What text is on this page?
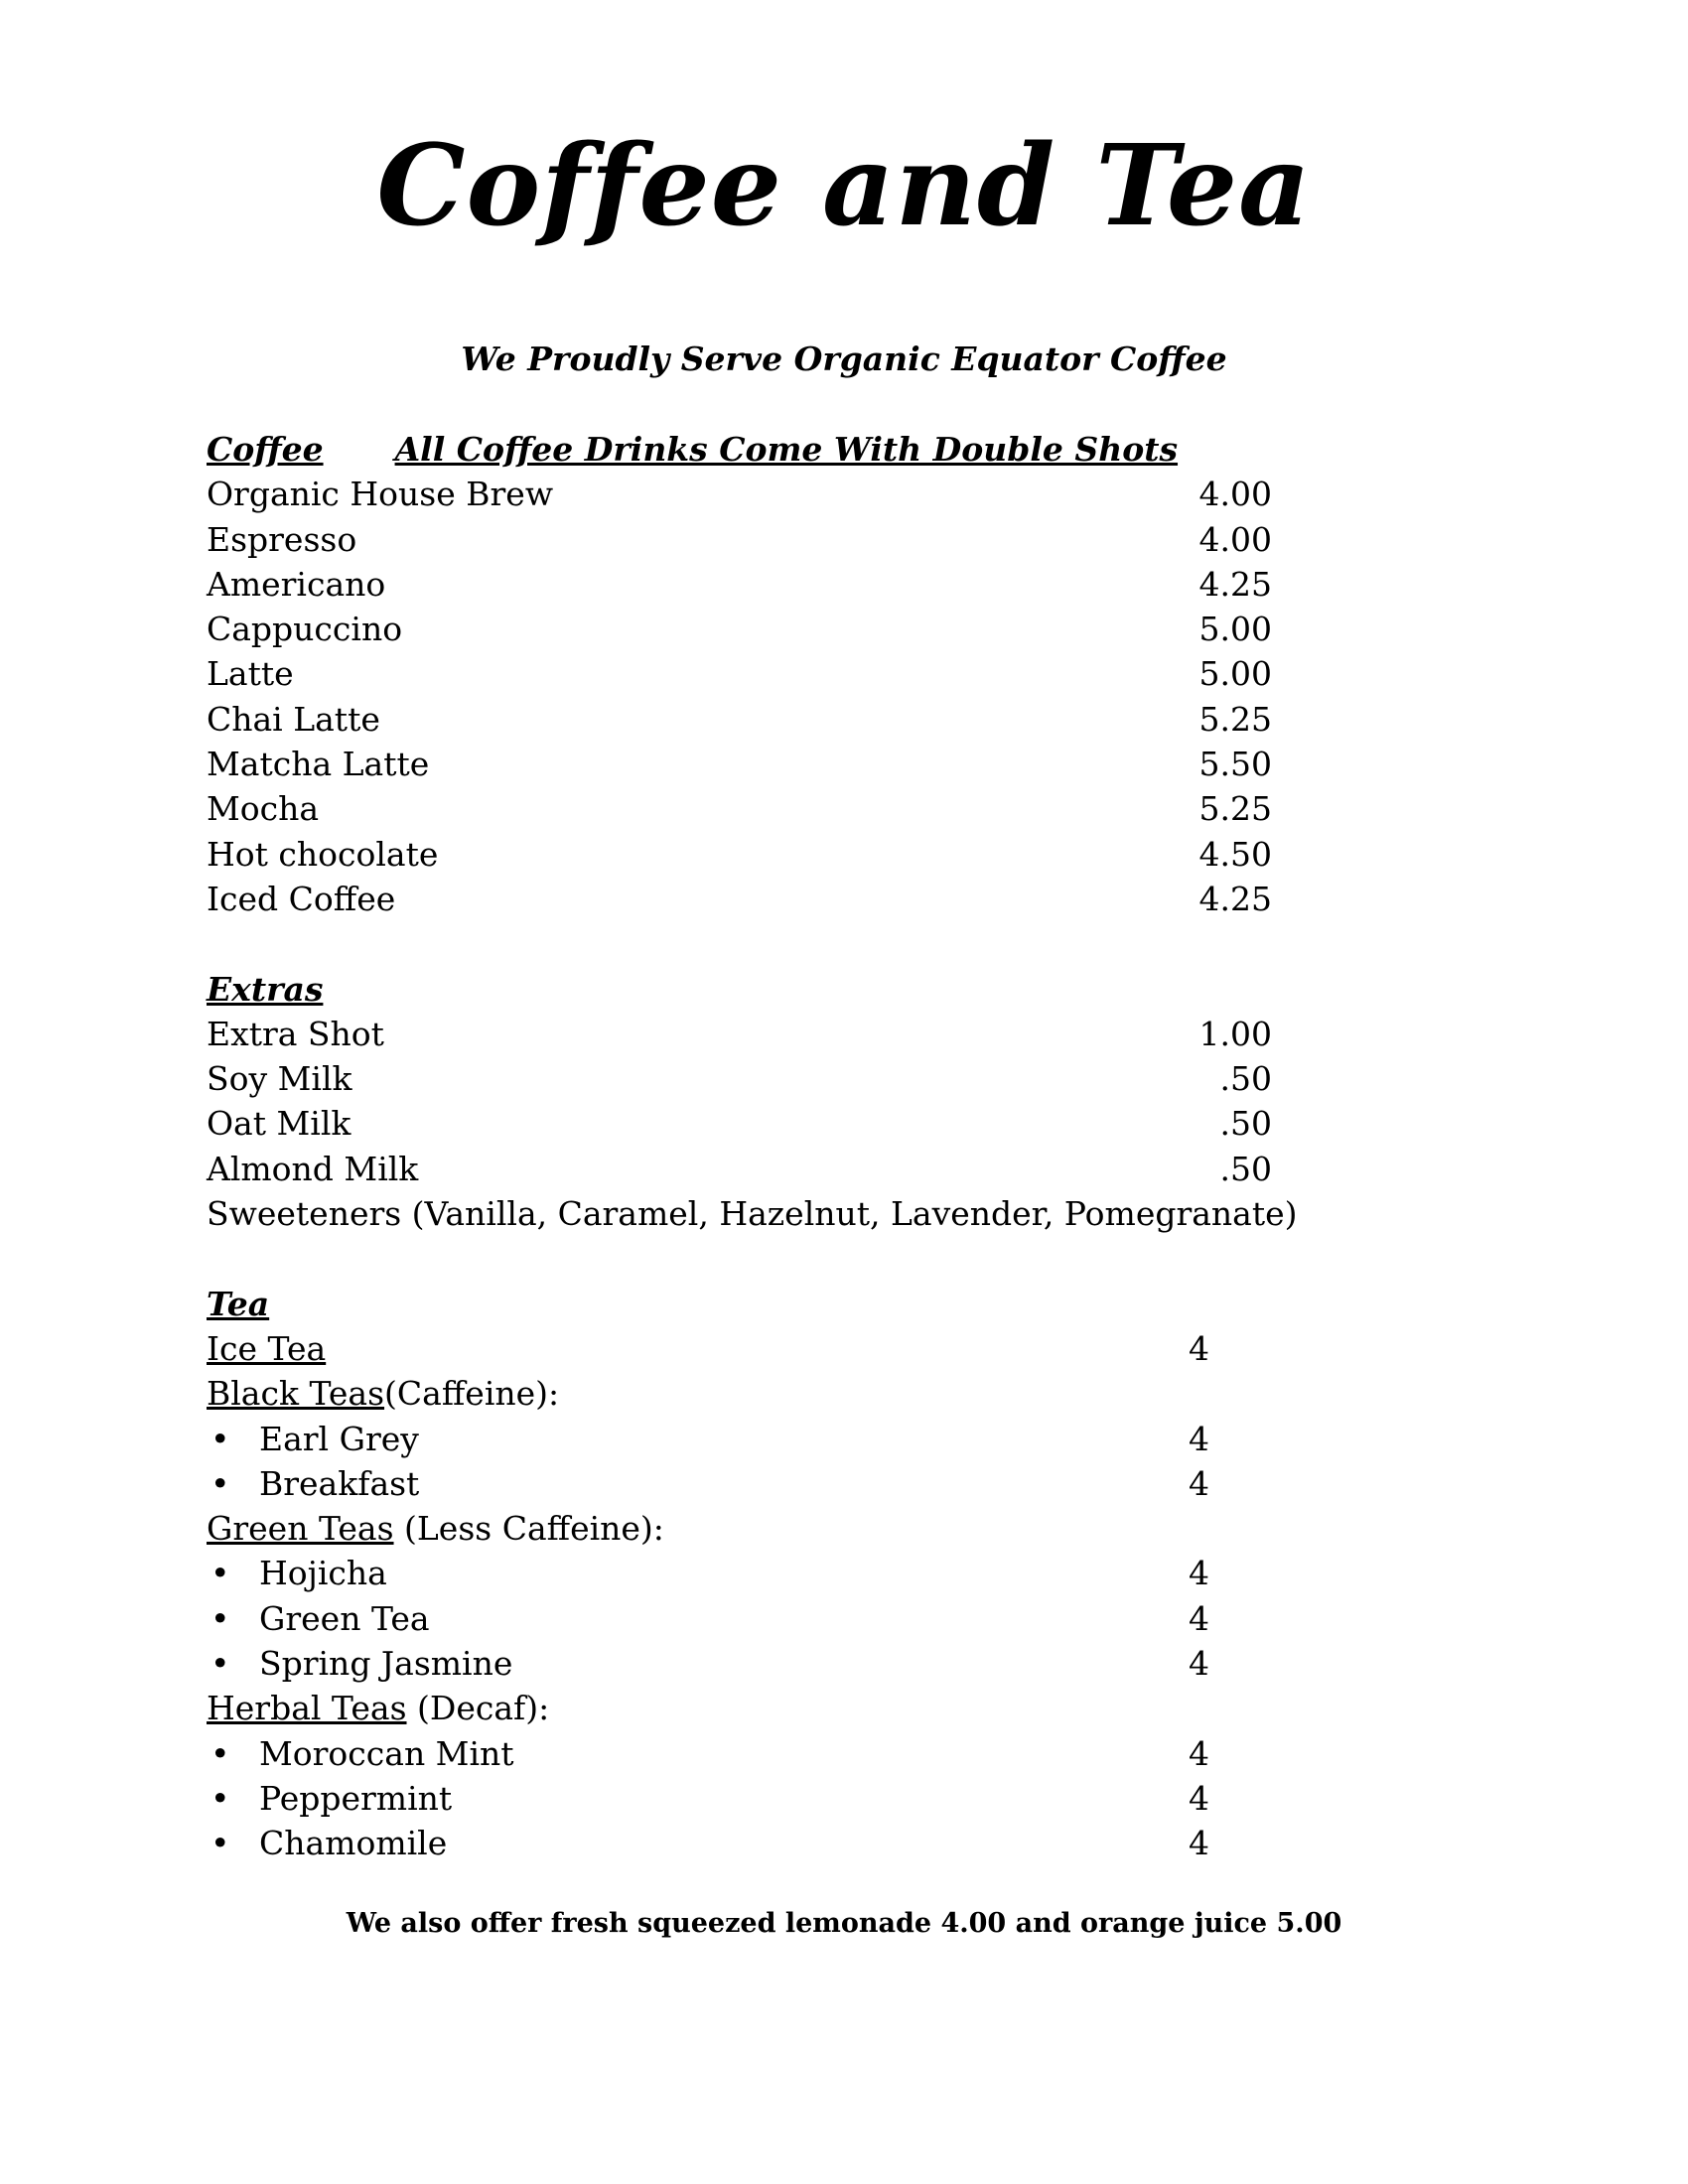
Coffee and Tea
We Proudly Serve Organic Equator Coffee
Coffee All Coffee Drinks Come With Double Shots
Organic House Brew	4.00
Espresso	4.00
Americano	4.25
Cappuccino	5.00
Latte	5.00
Chai Latte	5.25
Matcha Latte	5.50
Mocha	5.25
Hot chocolate	4.50
Iced Coffee	4.25
Extras
Extra Shot	1.00
Soy Milk	.50
Oat Milk	.50
Almond Milk	.50
Sweeteners (Vanilla, Caramel, Hazelnut, Lavender, Pomegranate)
Tea
Ice Tea	4
Black Teas(Caffeine):
• Earl Grey	4
• Breakfast	4
Green Teas (Less Caffeine):
• Hojicha	4
• Green Tea	4
• Spring Jasmine	4
Herbal Teas (Decaf):
• Moroccan Mint	4
• Peppermint	4
• Chamomile	4
We also offer fresh squeezed lemonade 4.00 and orange juice 5.00
